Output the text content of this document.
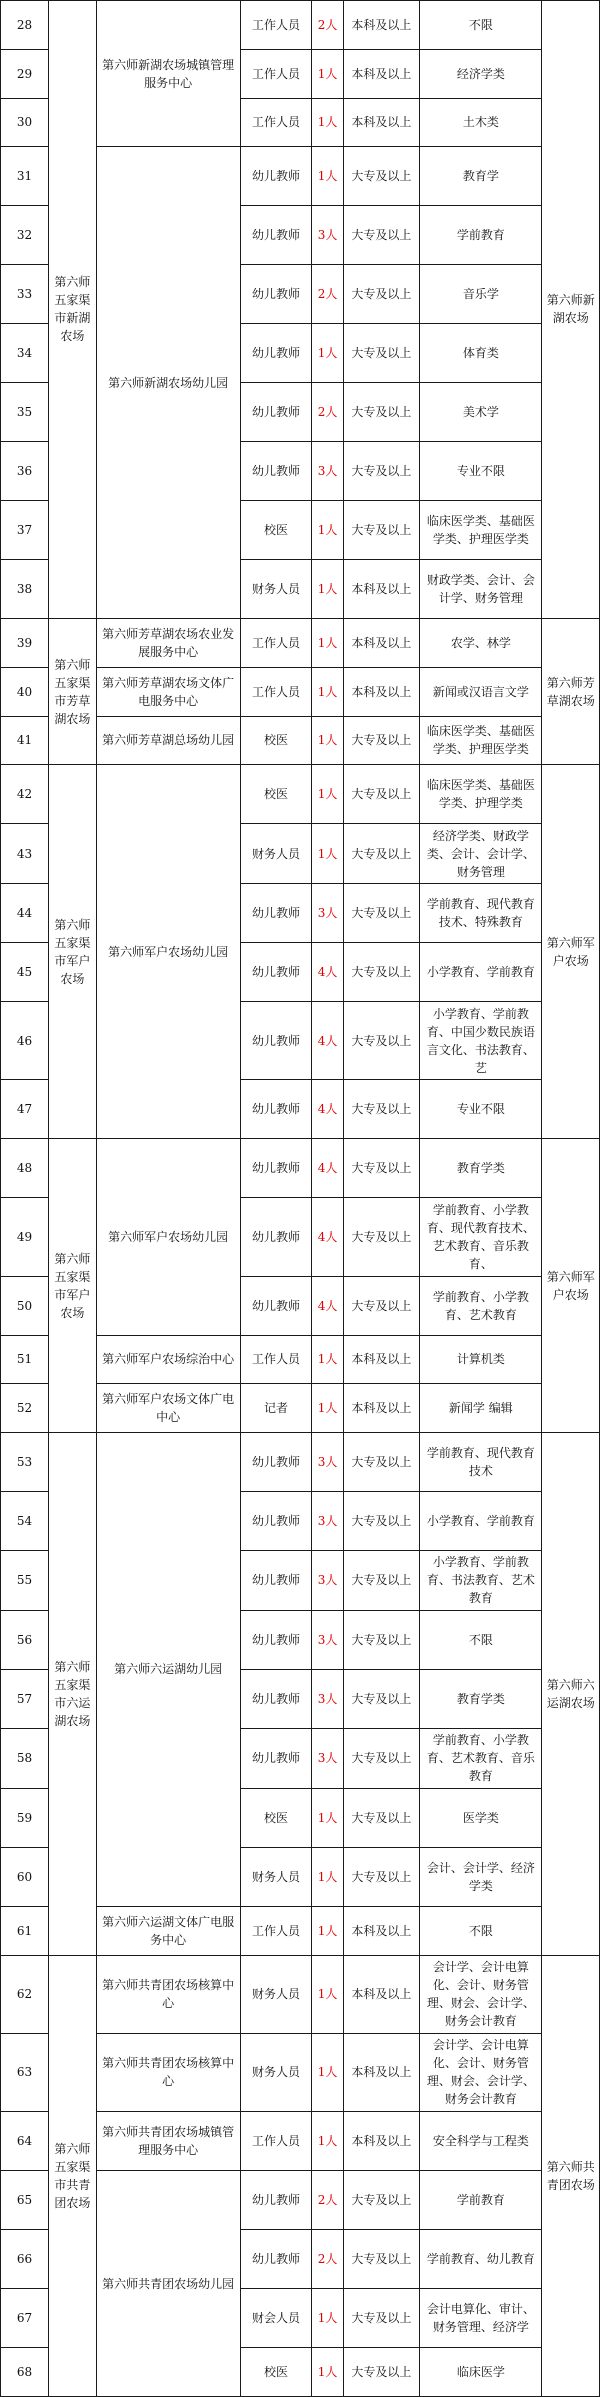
28	第六师五家渠市新湖农场	第六师新湖农场城镇管理服务中心	工作人员	2人	本科及以上	不限	第六师新湖农场
29			工作人员	1人	本科及以上	经济学类	
30			工作人员	1人	本科及以上	土木类	
31		第六师新湖农场幼儿园	幼儿教师	1人	大专及以上	教育学	
32			幼儿教师	3人	大专及以上	学前教育	
33			幼儿教师	2人	大专及以上	音乐学	
34			幼儿教师	1人	大专及以上	体育类	
35			幼儿教师	2人	大专及以上	美术学	
36			幼儿教师	3人	大专及以上	专业不限	
37			校医	1人	大专及以上	临床医学类、基础医学类、护理医学类	
38			财务人员	1人	本科及以上	财政学类、会计、会计学、财务管理	
39	第六师五家渠市芳草湖农场	第六师芳草湖农场农业发展服务中心	工作人员	1人	本科及以上	农学、林学	第六师芳草湖农场
40		第六师芳草湖农场文体广电服务中心	工作人员	1人	本科及以上	新闻或汉语言文学	
41		第六师芳草湖总场幼儿园	校医	1人	大专及以上	临床医学类、基础医学类、护理医学类	
42	第六师五家渠市军户农场	第六师军户农场幼儿园	校医	1人	大专及以上	临床医学类、基础医学类、护理学类	第六师军户农场
43			财务人员	1人	大专及以上	经济学类、财政学类、会计、会计学、财务管理	
44			幼儿教师	3人	大专及以上	学前教育、现代教育技术、特殊教育	
45			幼儿教师	4人	大专及以上	小学教育、学前教育	
46			幼儿教师	4人	大专及以上	小学教育、学前教育、中国少数民族语言文化、书法教育、艺	
47			幼儿教师	4人	大专及以上	专业不限	
48	第六师五家渠市军户农场	第六师军户农场幼儿园	幼儿教师	4人	大专及以上	教育学类	第六师军户农场
49			幼儿教师	4人	大专及以上	学前教育、小学教育、现代教育技术、艺术教育、音乐教育、	
50			幼儿教师	4人	大专及以上	学前教育、小学教育、艺术教育	
51		第六师军户农场综治中心	工作人员	1人	本科及以上	计算机类	
52		第六师军户农场文体广电中心	记者	1人	本科及以上	新闻学 编辑	
53	第六师五家渠市六运湖农场	第六师六运湖幼儿园	幼儿教师	3人	大专及以上	学前教育、现代教育技术	第六师六运湖农场
54			幼儿教师	3人	大专及以上	小学教育、学前教育	
55			幼儿教师	3人	大专及以上	小学教育、学前教育、书法教育、艺术教育	
56			幼儿教师	3人	大专及以上	不限	
57			幼儿教师	3人	大专及以上	教育学类	
58			幼儿教师	3人	大专及以上	学前教育、小学教育、艺术教育、音乐教育	
59			校医	1人	大专及以上	医学类	
60			财务人员	1人	大专及以上	会计、会计学、经济学类	
61		第六师六运湖文体广电服务中心	工作人员	1人	本科及以上	不限	
62	第六师五家渠市共青团农场	第六师共青团农场核算中心	财务人员	1人	本科及以上	会计学、会计电算化、会计、财务管理、财会、会计学、财务会计教育	第六师共青团农场
63		第六师共青团农场核算中心	财务人员	1人	本科及以上	会计学、会计电算化、会计、财务管理、财会、会计学、财务会计教育	
64		第六师共青团农场城镇管理服务中心	工作人员	1人	本科及以上	安全科学与工程类	
65		第六师共青团农场幼儿园	幼儿教师	2人	大专及以上	学前教育	
66			幼儿教师	2人	大专及以上	学前教育、幼儿教育	
67			财会人员	1人	大专及以上	会计电算化、审计、财务管理、经济学	
68			校医	1人	大专及以上	临床医学	
